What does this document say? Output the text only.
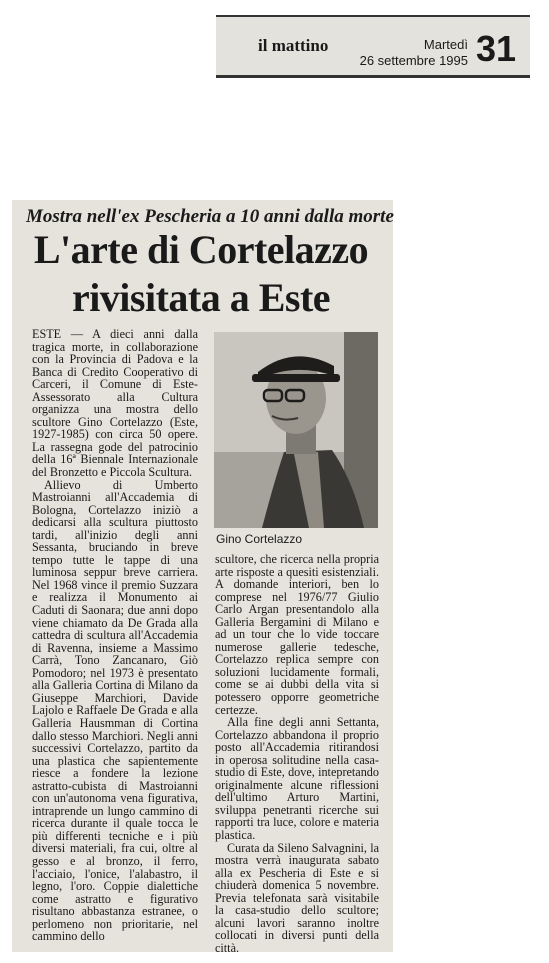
il mattino	Martedì
26 settembre 1995 31
Mostra nell'ex Pescheria a 10 anni dalla morte
L'arte di Cortelazzo
rivisitata a Este

ESTE — A dieci anni dalla tragica morte, in collaborazione con la Provincia di Padova e la Banca di Credito Cooperativo di Carceri, il Comune di Este-Assessorato alla Cultura organizza una mostra dello scultore Gino Cortelazzo (Este, 1927-1985) con circa 50 opere. La rassegna gode del patrocinio della 16ª Biennale Internazionale del Bronzetto e Piccola Scultura.

Allievo di Umberto Mastroianni all'Accademia di Bologna, Cortelazzo iniziò a dedicarsi alla scultura piuttosto tardi, all'inizio degli anni Sessanta, bruciando in breve tempo tutte le tappe di una luminosa seppur breve carriera. Nel 1968 vince il premio Suzzara e realizza il Monumento ai Caduti di Saonara; due anni dopo viene chiamato da De Grada alla cattedra di scultura all'Accademia di Ravenna, insieme a Massimo Carrà, Tono Zancanaro, Giò Pomodoro; nel 1973 è presentato alla Galleria Cortina di Milano da Giuseppe Marchiori, Davide Lajolo e Raffaele De Grada e alla Galleria Hausmman di Cortina dallo stesso Marchiori. Negli anni successivi Cortelazzo, partito da una plastica che sapientemente riesce a fondere la lezione astratto-cubista di Mastroianni con un'autonoma vena figurativa, intraprende un lungo cammino di ricerca durante il quale tocca le più differenti tecniche e i più diversi materiali, fra cui, oltre al gesso e al bronzo, il ferro, l'acciaio, l'onice, l'alabastro, il legno, l'oro. Coppie dialettiche come astratto e figurativo risultano abbastanza estranee, o perlomeno non prioritarie, nel cammino dello

Gino Cortelazzo

scultore, che ricerca nella propria arte risposte a quesiti esistenziali. A domande interiori, ben lo comprese nel 1976/77 Giulio Carlo Argan presentandolo alla Galleria Bergamini di Milano e ad un tour che lo vide toccare numerose gallerie tedesche, Cortelazzo replica sempre con soluzioni lucidamente formali, come se ai dubbi della vita si potessero opporre geometriche certezze.

Alla fine degli anni Settanta, Cortelazzo abbandona il proprio posto all'Accademia ritirandosi in operosa solitudine nella casa-studio di Este, dove, intepretando originalmente alcune riflessioni dell'ultimo Arturo Martini, sviluppa penetranti ricerche sui rapporti tra luce, colore e materia plastica.

Curata da Sileno Salvagnini, la mostra verrà inaugurata sabato alla ex Pescheria di Este e si chiuderà domenica 5 novembre. Previa telefonata sarà visitabile la casa-studio dello scultore; alcuni lavori saranno inoltre collocati in diversi punti della città.
